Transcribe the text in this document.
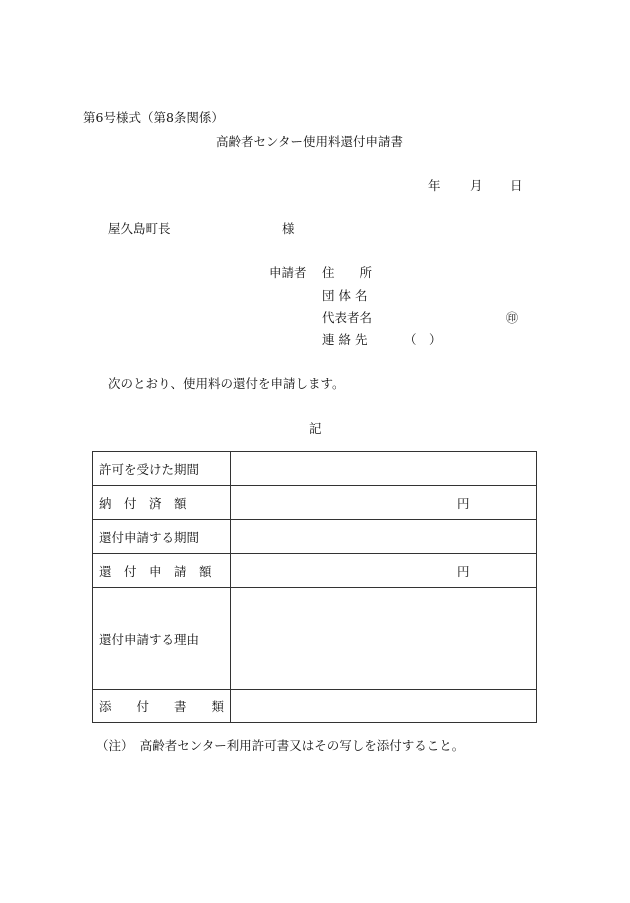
第6号様式（第8条関係）
高齢者センター使用料還付申請書
年 月 日
屋久島町長	様
申請者 住　　所
団 体 名
代表者名	㊞
連 絡 先	（　）
次のとおり、使用料の還付を申請します。
記
許可を受けた期間	
納　付　済　額	円

還付申請する期間	
還　付　申　請　額	円

還付申請する理由	
添　　付　　書　　類	
（注）　高齢者センター利用許可書又はその写しを添付すること。
